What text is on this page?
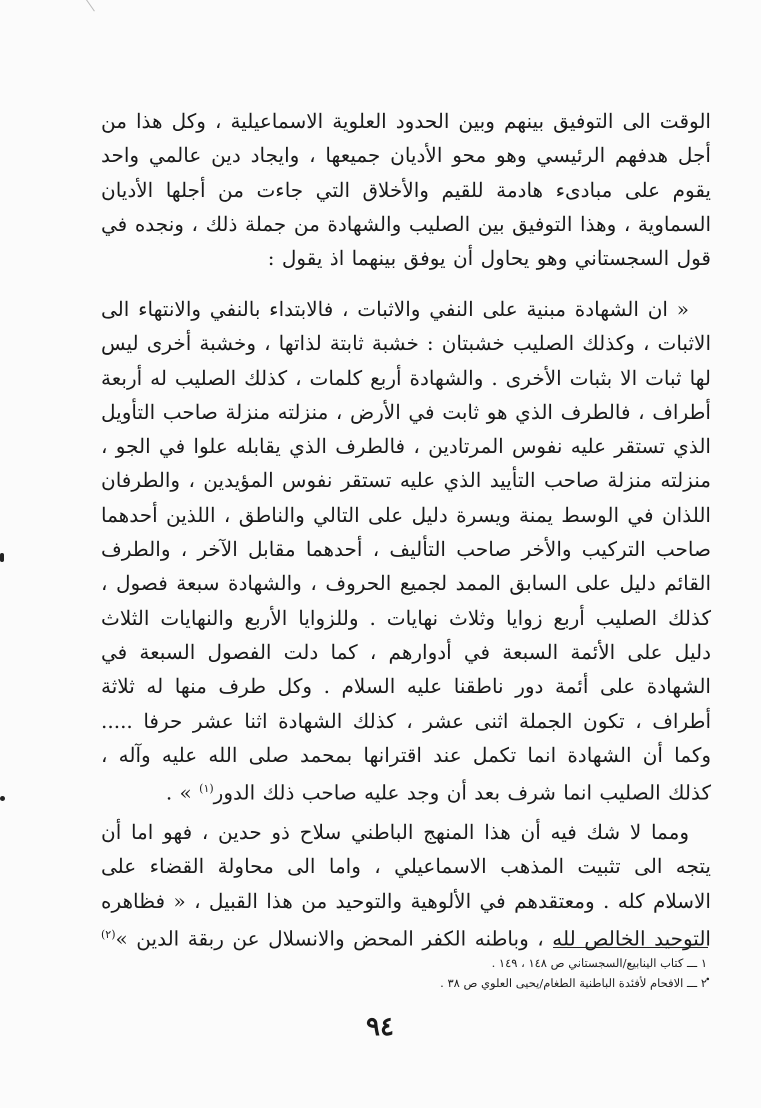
الوقت الى التوفيق بينهم وبين الحدود العلوية الاسماعيلية ، وكل هذا من أجل هدفهم الرئيسي وهو محو الأديان جميعها ، وايجاد دين عالمي واحد يقوم على مبادىء هادمة للقيم والأخلاق التي جاءت من أجلها الأديان السماوية ، وهذا التوفيق بين الصليب والشهادة من جملة ذلك ، ونجده في قول السجستاني وهو يحاول أن يوفق بينهما اذ يقول :

« ان الشهادة مبنية على النفي والاثبات ، فالابتداء بالنفي والانتهاء الى الاثبات ، وكذلك الصليب خشبتان : خشبة ثابتة لذاتها ، وخشبة أخرى ليس لها ثبات الا بثبات الأخرى . والشهادة أربع كلمات ، كذلك الصليب له أربعة أطراف ، فالطرف الذي هو ثابت في الأرض ، منزلته منزلة صاحب التأويل الذي تستقر عليه نفوس المرتادين ، فالطرف الذي يقابله علوا في الجو ، منزلته منزلة صاحب التأييد الذي عليه تستقر نفوس المؤيدين ، والطرفان اللذان في الوسط يمنة ويسرة دليل على التالي والناطق ، اللذين أحدهما صاحب التركيب والأخر صاحب التأليف ، أحدهما مقابل الآخر ، والطرف القائم دليل على السابق الممد لجميع الحروف ، والشهادة سبعة فصول ، كذلك الصليب أربع زوايا وثلاث نهايات . وللزوايا الأربع والنهايات الثلاث دليل على الأئمة السبعة في أدوارهم ، كما دلت الفصول السبعة في الشهادة على أئمة دور ناطقنا عليه السلام . وكل طرف منها له ثلاثة أطراف ، تكون الجملة اثنى عشر ، كذلك الشهادة اثنا عشر حرفا ..... وكما أن الشهادة انما تكمل عند اقترانها بمحمد صلى الله عليه وآله ، كذلك الصليب انما شرف بعد أن وجد عليه صاحب ذلك الدور$^{(١)}$ » .

ومما لا شك فيه أن هذا المنهج الباطني سلاح ذو حدين ، فهو اما أن يتجه الى تثبيت المذهب الاسماعيلي ، واما الى محاولة القضاء على الاسلام كله . ومعتقدهم في الألوهية والتوحيد من هذا القبيل ، « فظاهره التوحيد الخالص لله ، وباطنه الكفر المحض والانسلال عن ربقة الدين »$^{(٢)}$ .

١ ـــ كتاب الينابيع/السجستاني ص ١٤٨ ، ١٤٩ .
٢ ـــ الافحام لأفئدة الباطنية الطغام/يحيى العلوي ص ٣٨ .
٩٤
